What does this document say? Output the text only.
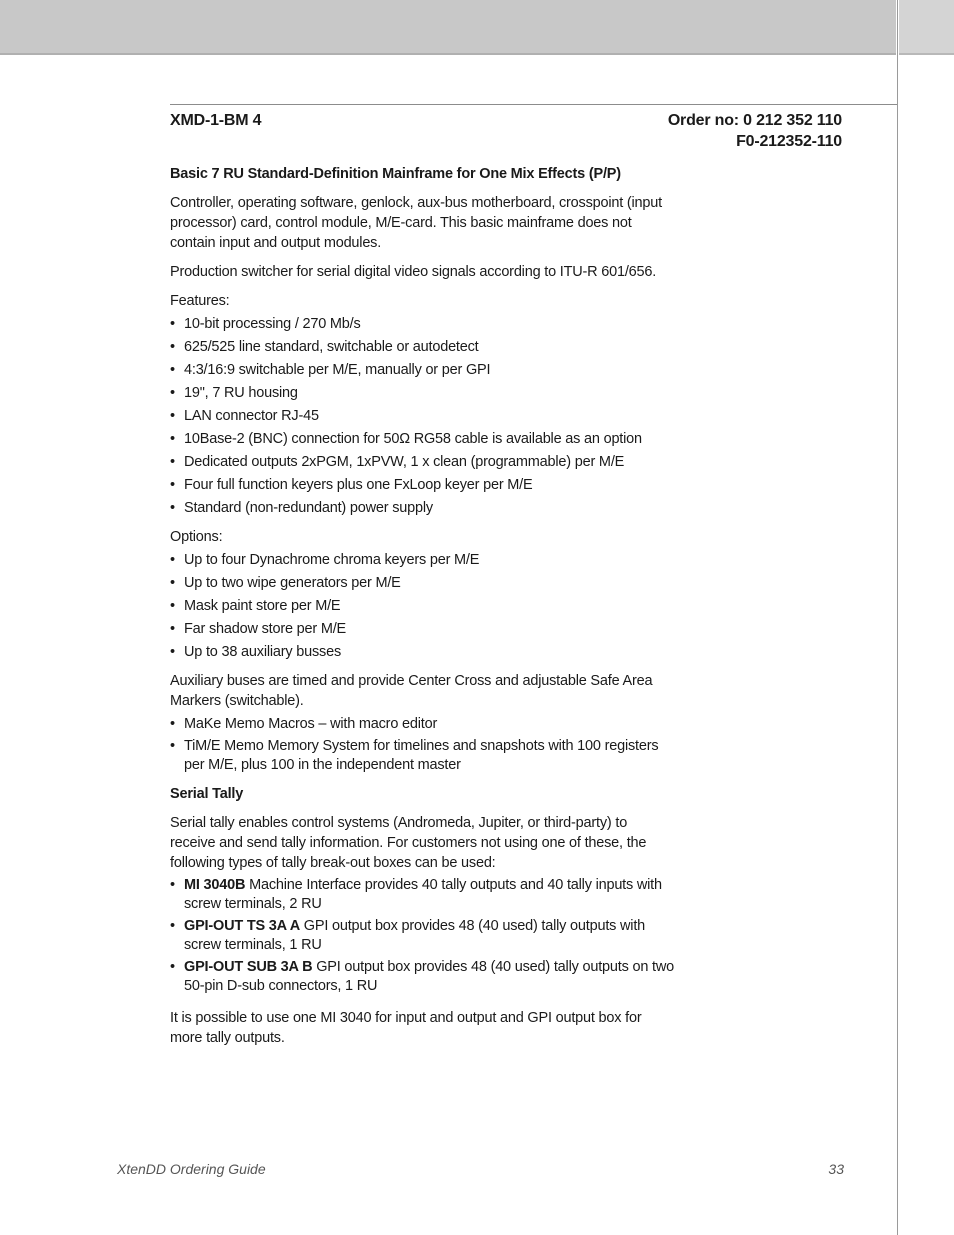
XMD-1-BM 4	Order no: 0 212 352 110
F0-212352-110
Basic 7 RU Standard-Definition Mainframe for One Mix Effects (P/P)

Controller, operating software, genlock, aux-bus motherboard, crosspoint (input processor) card, control module, M/E-card. This basic mainframe does not contain input and output modules.

Production switcher for serial digital video signals according to ITU-R 601/656.

Features:
• 10-bit processing / 270 Mb/s
• 625/525 line standard, switchable or autodetect
• 4:3/16:9 switchable per M/E, manually or per GPI
• 19", 7 RU housing
• LAN connector RJ-45
• 10Base-2 (BNC) connection for 50Ω RG58 cable is available as an option
• Dedicated outputs 2xPGM, 1xPVW, 1 x clean (programmable) per M/E
• Four full function keyers plus one FxLoop keyer per M/E
• Standard (non-redundant) power supply
Options:
• Up to four Dynachrome chroma keyers per M/E
• Up to two wipe generators per M/E
• Mask paint store per M/E
• Far shadow store per M/E
• Up to 38 auxiliary busses

Auxiliary buses are timed and provide Center Cross and adjustable Safe Area Markers (switchable).

• MaKe Memo Macros – with macro editor
• TiM/E Memo Memory System for timelines and snapshots with 100 registers per M/E, plus 100 in the independent master
Serial Tally

Serial tally enables control systems (Andromeda, Jupiter, or third-party) to receive and send tally information. For customers not using one of these, the following types of tally break-out boxes can be used:

• MI 3040B Machine Interface provides 40 tally outputs and 40 tally inputs with screw terminals, 2 RU
• GPI-OUT TS 3A A GPI output box provides 48 (40 used) tally outputs with screw terminals, 1 RU
• GPI-OUT SUB 3A B GPI output box provides 48 (40 used) tally outputs on two 50-pin D-sub connectors, 1 RU

It is possible to use one MI 3040 for input and output and GPI output box for more tally outputs.

XtenDD Ordering Guide	33
